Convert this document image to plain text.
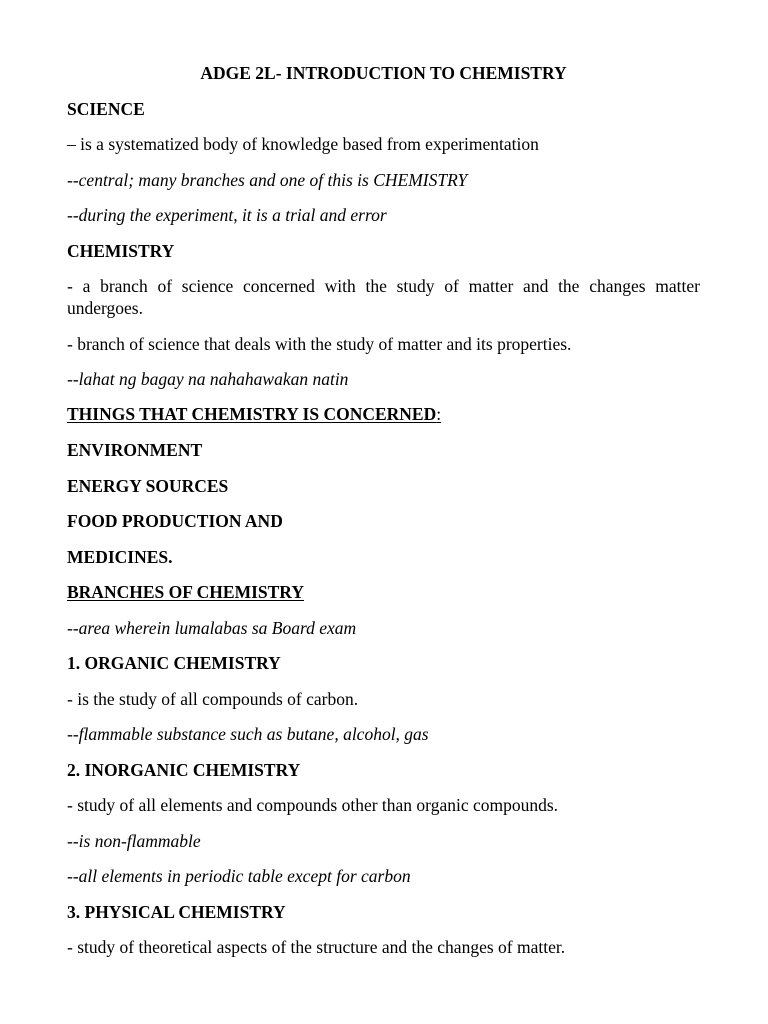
ADGE 2L- INTRODUCTION TO CHEMISTRY
SCIENCE
– is a systematized body of knowledge based from experimentation
--central; many branches and one of this is CHEMISTRY
--during the experiment, it is a trial and error
CHEMISTRY
- a branch of science concerned with the study of matter and the changes matter undergoes.
- branch of science that deals with the study of matter and its properties.
--lahat ng bagay na nahahawakan natin
THINGS THAT CHEMISTRY IS CONCERNED:
ENVIRONMENT
ENERGY SOURCES
FOOD PRODUCTION AND
MEDICINES.
BRANCHES OF CHEMISTRY
--area wherein lumalabas sa Board exam
1. ORGANIC CHEMISTRY
- is the study of all compounds of carbon.
--flammable substance such as butane, alcohol, gas
2. INORGANIC CHEMISTRY
- study of all elements and compounds other than organic compounds.
--is non-flammable
--all elements in periodic table except for carbon
3. PHYSICAL CHEMISTRY
- study of theoretical aspects of the structure and the changes of matter.
